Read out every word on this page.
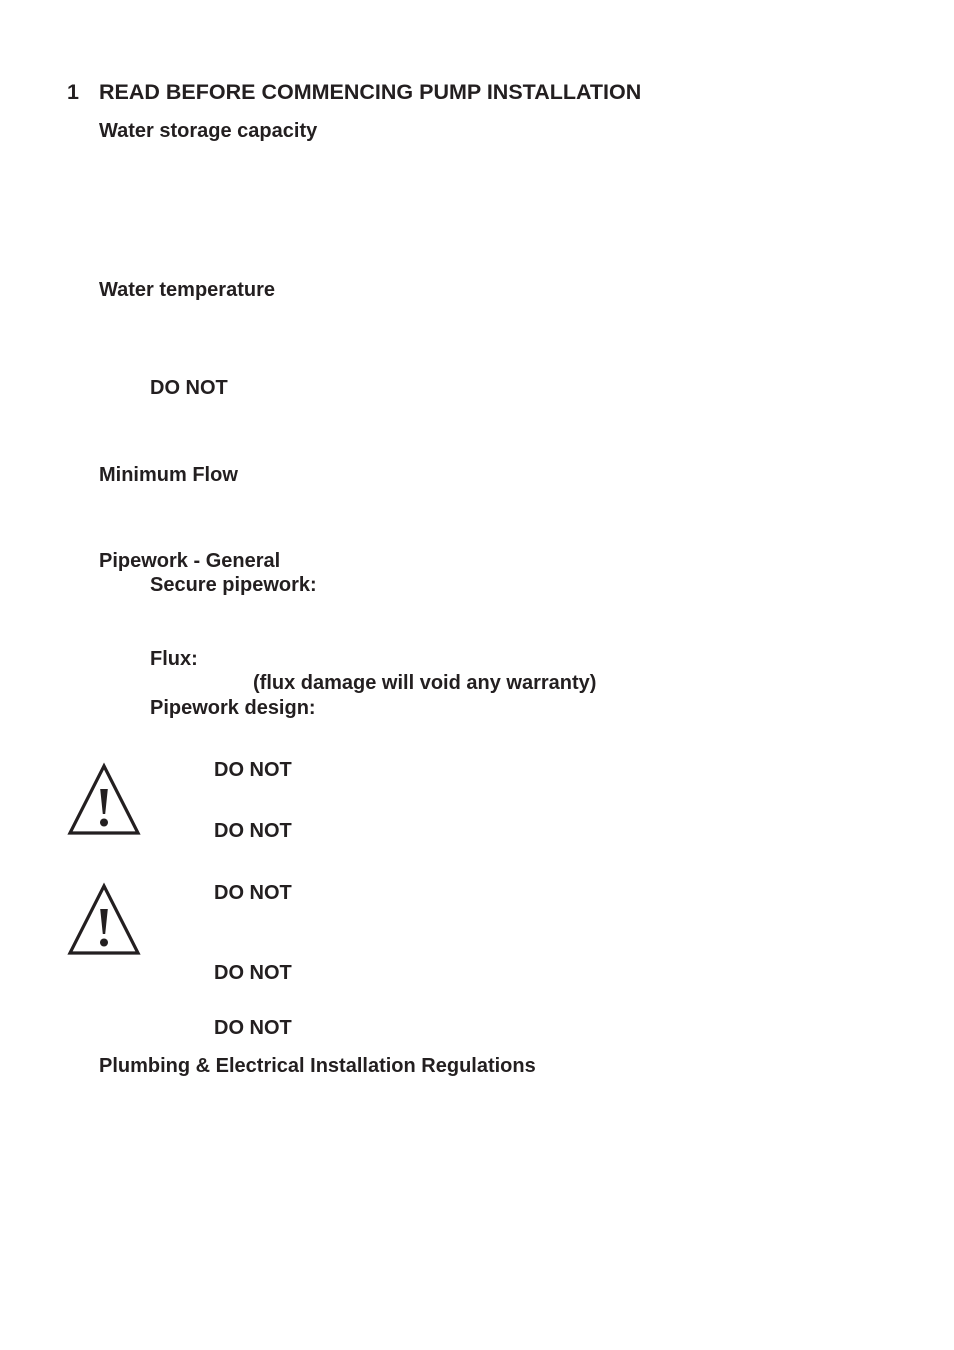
1 READ BEFORE COMMENCING PUMP INSTALLATION
Water storage capacity
Water temperature
DO NOT
Minimum Flow
Pipework - General
Secure pipework:
Flux:
(flux damage will void any warranty)
Pipework design:
DO NOT
DO NOT
DO NOT
DO NOT
DO NOT
Plumbing & Electrical Installation Regulations
